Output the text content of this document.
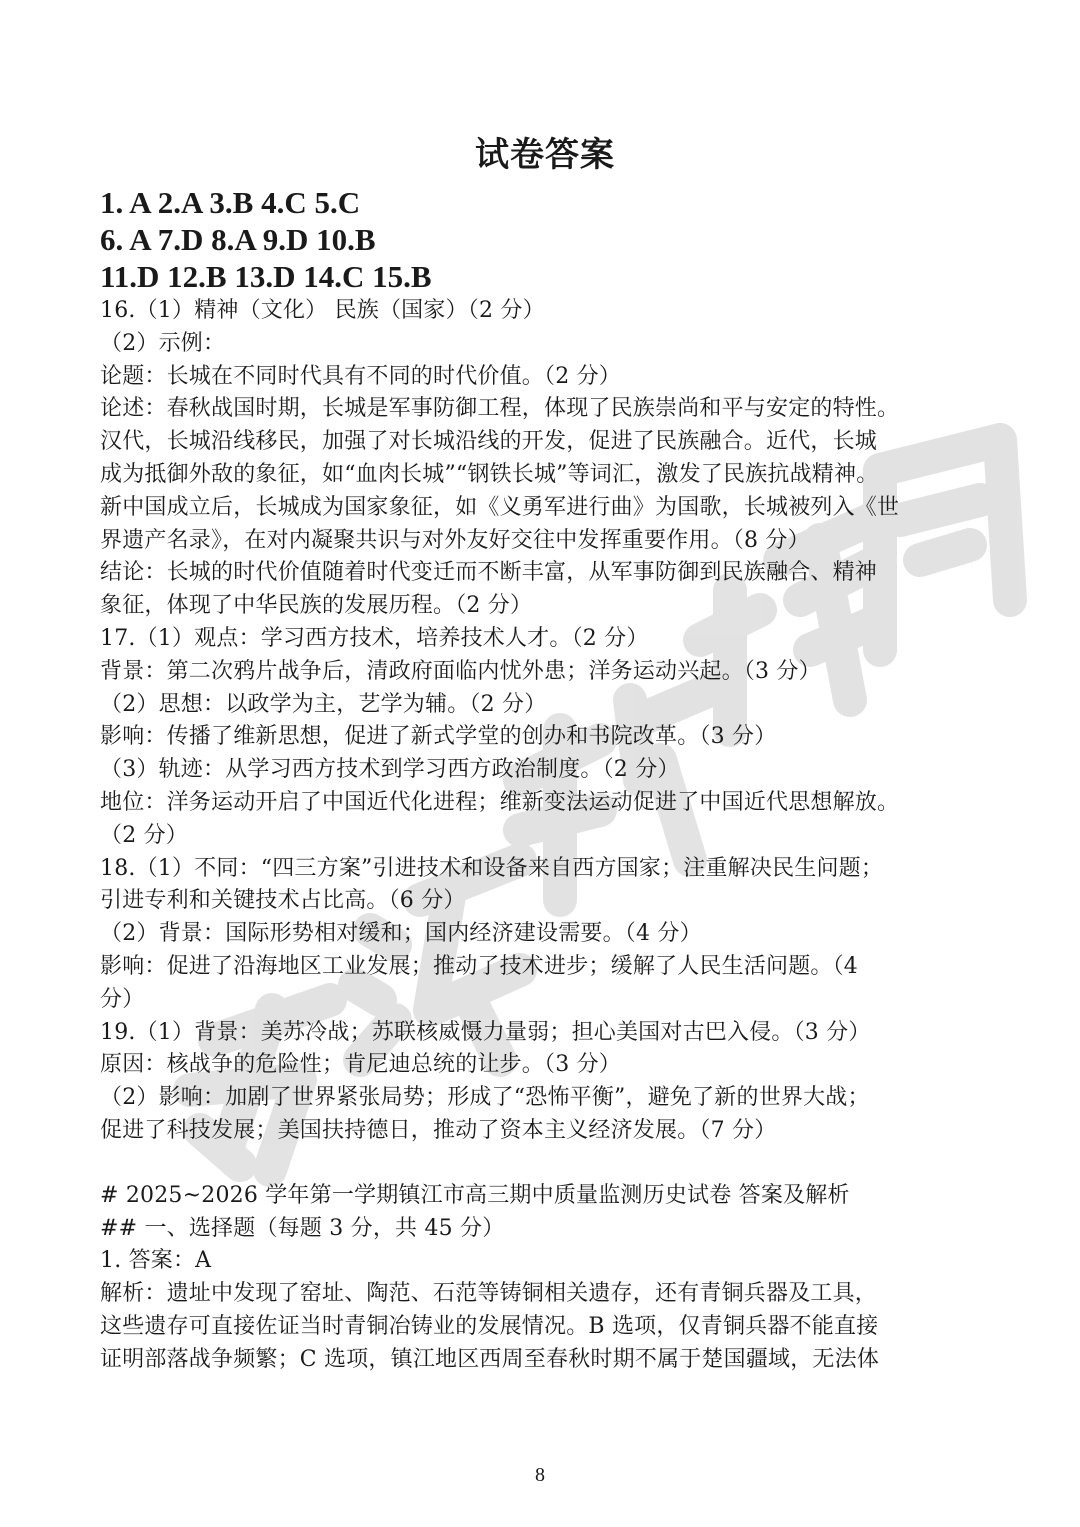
试卷答案
1. A 2.A 3.B 4.C 5.C
6. A 7.D 8.A 9.D 10.B
11.D 12.B 13.D 14.C 15.B
16.（1）精神（文化） 民族（国家）（2 分）
（2）示例：
论题：长城在不同时代具有不同的时代价值。（2 分）
论述：春秋战国时期，长城是军事防御工程，体现了民族崇尚和平与安定的特性。
汉代，长城沿线移民，加强了对长城沿线的开发，促进了民族融合。近代，长城
成为抵御外敌的象征，如“血肉长城”“钢铁长城”等词汇，激发了民族抗战精神。
新中国成立后，长城成为国家象征，如《义勇军进行曲》为国歌，长城被列入《世
界遗产名录》，在对内凝聚共识与对外友好交往中发挥重要作用。（8 分）
结论：长城的时代价值随着时代变迁而不断丰富，从军事防御到民族融合、精神
象征，体现了中华民族的发展历程。（2 分）
17.（1）观点：学习西方技术，培养技术人才。（2 分）
背景：第二次鸦片战争后，清政府面临内忧外患；洋务运动兴起。（3 分）
（2）思想：以政学为主，艺学为辅。（2 分）
影响：传播了维新思想，促进了新式学堂的创办和书院改革。（3 分）
（3）轨迹：从学习西方技术到学习西方政治制度。（2 分）
地位：洋务运动开启了中国近代化进程；维新变法运动促进了中国近代思想解放。
（2 分）
18.（1）不同：“四三方案”引进技术和设备来自西方国家；注重解决民生问题；
引进专利和关键技术占比高。（6 分）
（2）背景：国际形势相对缓和；国内经济建设需要。（4 分）
影响：促进了沿海地区工业发展；推动了技术进步；缓解了人民生活问题。（4
分）
19.（1）背景：美苏冷战；苏联核威慑力量弱；担心美国对古巴入侵。（3 分）
原因：核战争的危险性；肯尼迪总统的让步。（3 分）
（2）影响：加剧了世界紧张局势；形成了“恐怖平衡”，避免了新的世界大战；
促进了科技发展；美国扶持德日，推动了资本主义经济发展。（7 分）
# 2025~2026 学年第一学期镇江市高三期中质量监测历史试卷 答案及解析
## 一、选择题（每题 3 分，共 45 分）
1. 答案：A
解析：遗址中发现了窑址、陶范、石范等铸铜相关遗存，还有青铜兵器及工具，
这些遗存可直接佐证当时青铜冶铸业的发展情况。B 选项，仅青铜兵器不能直接
证明部落战争频繁；C 选项，镇江地区西周至春秋时期不属于楚国疆域，无法体
8
